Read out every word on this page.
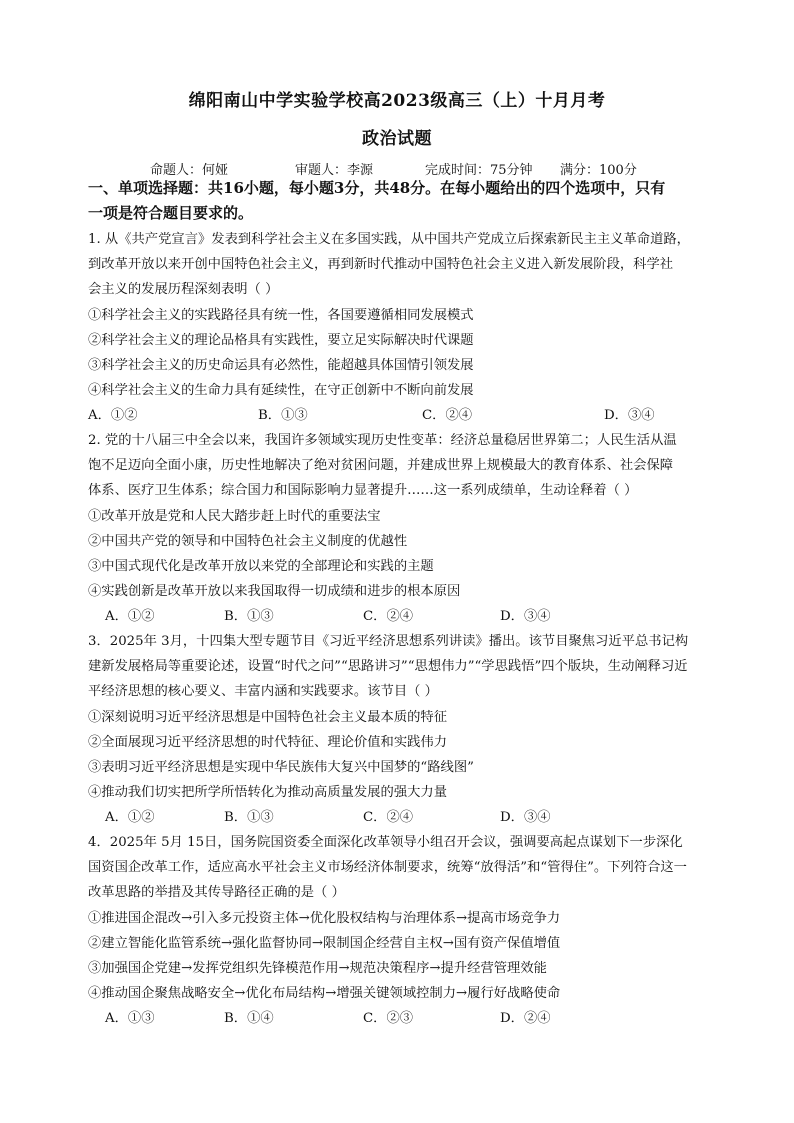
绵阳南山中学实验学校高2023级高三（上）十月月考
政治试题
命题人：何娅	审题人：李源	完成时间：75分钟	满分：100分
一、单项选择题：共16小题，每小题3分，共48分。在每小题给出的四个选项中，只有
一项是符合题目要求的。
1. 从《共产党宣言》发表到科学社会主义在多国实践，从中国共产党成立后探索新民主主义革命道路，
到改革开放以来开创中国特色社会主义，再到新时代推动中国特色社会主义进入新发展阶段，科学社
会主义的发展历程深刻表明（ ）
①科学社会主义的实践路径具有统一性，各国要遵循相同发展模式
②科学社会主义的理论品格具有实践性，要立足实际解决时代课题
③科学社会主义的历史命运具有必然性，能超越具体国情引领发展
④科学社会主义的生命力具有延续性，在守正创新中不断向前发展
A．①②	B．①③	C．②④	D．③④
2. 党的十八届三中全会以来，我国许多领域实现历史性变革：经济总量稳居世界第二；人民生活从温
饱不足迈向全面小康，历史性地解决了绝对贫困问题，并建成世界上规模最大的教育体系、社会保障
体系、医疗卫生体系；综合国力和国际影响力显著提升……这一系列成绩单，生动诠释着（ ）
①改革开放是党和人民大踏步赶上时代的重要法宝
②中国共产党的领导和中国特色社会主义制度的优越性
③中国式现代化是改革开放以来党的全部理论和实践的主题
④实践创新是改革开放以来我国取得一切成绩和进步的根本原因
A．①②	B．①③	C．②④	D．③④
3．2025年 3月，十四集大型专题节目《习近平经济思想系列讲读》播出。该节目聚焦习近平总书记构
建新发展格局等重要论述，设置“时代之问”“思路讲习”“思想伟力”“学思践悟”四个版块，生动阐释习近
平经济思想的核心要义、丰富内涵和实践要求。该节目（ ）
①深刻说明习近平经济思想是中国特色社会主义最本质的特征
②全面展现习近平经济思想的时代特征、理论价值和实践伟力
③表明习近平经济思想是实现中华民族伟大复兴中国梦的“路线图”
④推动我们切实把所学所悟转化为推动高质量发展的强大力量
A．①②	B．①③	C．②④	D．③④
4．2025年 5月 15日，国务院国资委全面深化改革领导小组召开会议，强调要高起点谋划下一步深化
国资国企改革工作，适应高水平社会主义市场经济体制要求，统筹“放得活”和“管得住”。下列符合这一
改革思路的举措及其传导路径正确的是（ ）
①推进国企混改→引入多元投资主体→优化股权结构与治理体系→提高市场竞争力
②建立智能化监管系统→强化监督协同→限制国企经营自主权→国有资产保值增值
③加强国企党建→发挥党组织先锋模范作用→规范决策程序→提升经营管理效能
④推动国企聚焦战略安全→优化布局结构→增强关键领域控制力→履行好战略使命
A．①③	B．①④	C．②③	D．②④
